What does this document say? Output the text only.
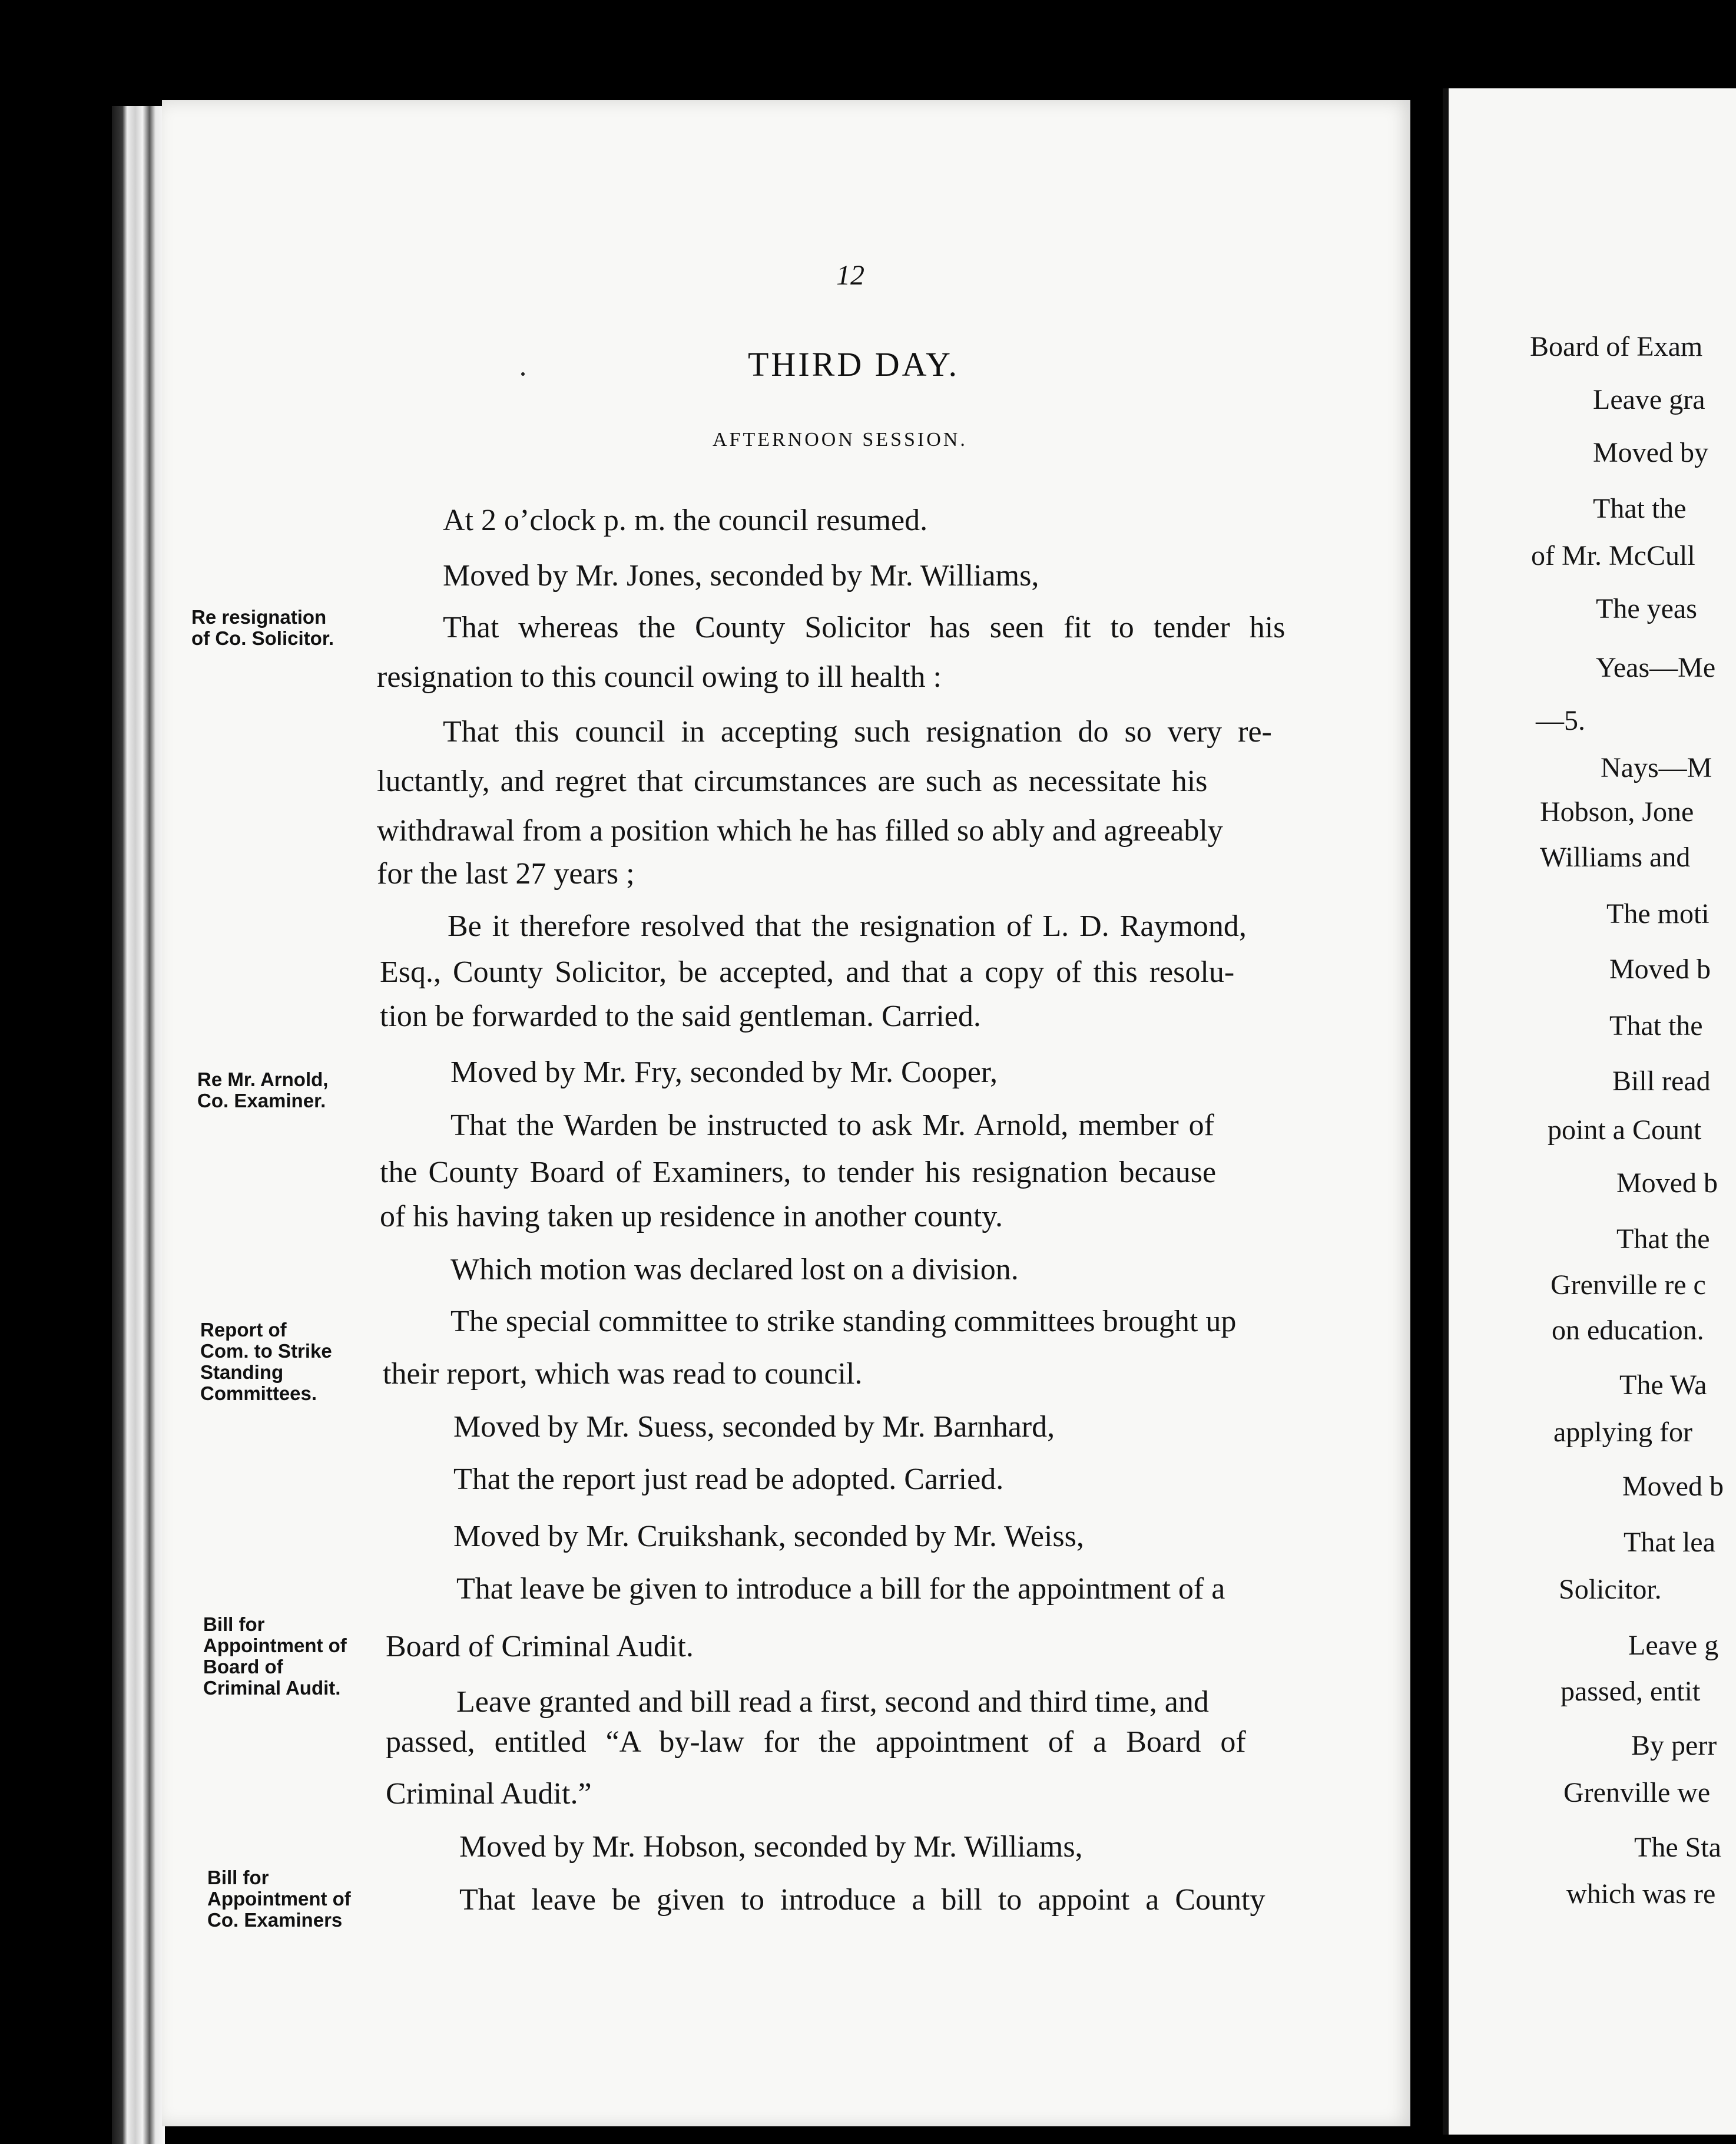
12
THIRD DAY.
AFTERNOON SESSION.
At 2 o’clock p. m. the council resumed.
Moved by Mr. Jones, seconded by Mr. Williams,
That whereas the County Solicitor has seen fit to tender his
resignation to this council owing to ill health :
That this council in accepting such resignation do so very re-
luctantly, and regret that circumstances are such as necessitate his
withdrawal from a position which he has filled so ably and agreeably
for the last 27 years ;
Be it therefore resolved that the resignation of L. D. Raymond,
Esq., County Solicitor, be accepted, and that a copy of this resolu-
tion be forwarded to the said gentleman. Carried.
Moved by Mr. Fry, seconded by Mr. Cooper,
That the Warden be instructed to ask Mr. Arnold, member of
the County Board of Examiners, to tender his resignation because
of his having taken up residence in another county.
Which motion was declared lost on a division.
The special committee to strike standing committees brought up
their report, which was read to council.
Moved by Mr. Suess, seconded by Mr. Barnhard,
That the report just read be adopted. Carried.
Moved by Mr. Cruikshank, seconded by Mr. Weiss,
That leave be given to introduce a bill for the appointment of a
Board of Criminal Audit.
Leave granted and bill read a first, second and third time, and
passed, entitled “A by-law for the appointment of a Board of
Criminal Audit.”
Moved by Mr. Hobson, seconded by Mr. Williams,
That leave be given to introduce a bill to appoint a County
Re resignation
of Co. Solicitor.
Re Mr. Arnold,
Co. Examiner.
Report of
Com. to Strike
Standing
Committees.
Bill for
Appointment of
Board of
Criminal Audit.
Bill for
Appointment of
Co. Examiners
Board of Exam
Leave gra
Moved by
That the
of Mr. McCull
The yeas
Yeas—Me
—5.
Nays—M
Hobson, Jone
Williams and
The moti
Moved b
That the
Bill read
point a Count
Moved b
That the
Grenville re c
on education.
The Wa
applying for
Moved b
That lea
Solicitor.
Leave g
passed, entit
By perr
Grenville we
The Sta
which was re
